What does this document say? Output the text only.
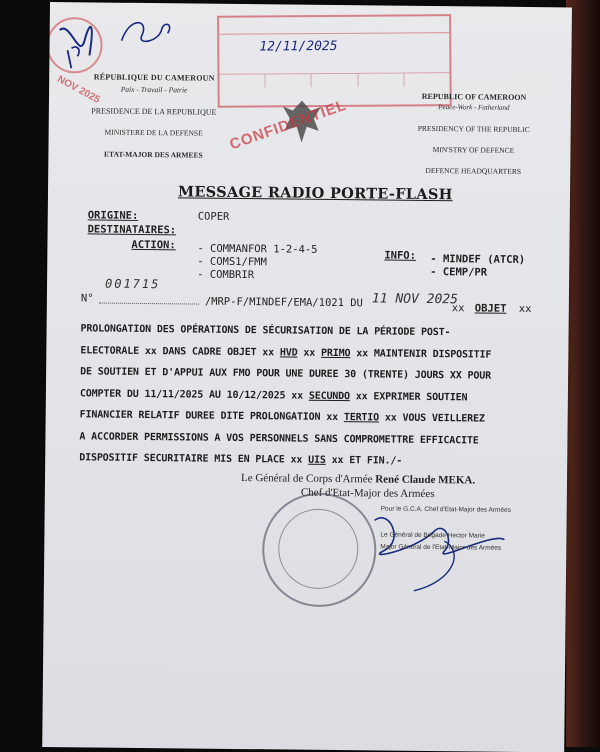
NOV 2025
RÉPUBLIQUE DU CAMEROUN
Paix - Travail - Patrie
PRESIDENCE DE LA REPUBLIQUE
MINISTERE DE LA DEFENSE
ETAT-MAJOR DES ARMEES
12/11/2025
CONFIDENTIEL	REPUBLIC OF CAMEROON
Peace-Work - Fatherland
PRESIDENCY OF THE REPUBLIC
MIN'STRY OF DEFENCE
DEFENCE HEADQUARTERS
MESSAGE RADIO PORTE-FLASH
ORIGINE:	COPER
DESTINATAIRES:
ACTION: - COMMANFOR 1-2-4-5
- COMS1/FMM
- COMBRIR
INFO: - MINDEF (ATCR)
- CEMP/PR
N°
001715
/MRP-F/MINDEF/EMA/1021 DU 11 NOV 2025
xx OBJET xx
PROLONGATION DES OPÉRATIONS DE SÉCURISATION DE LA PÉRIODE POST-
ELECTORALE xx DANS CADRE OBJET xx HVD xx PRIMO xx MAINTENIR DISPOSITIF
DE SOUTIEN ET D'APPUI AUX FMO POUR UNE DUREE 30 (TRENTE) JOURS XX POUR
COMPTER DU 11/11/2025 AU 10/12/2025 xx SECUNDO xx EXPRIMER SOUTIEN
FINANCIER RELATIF DUREE DITE PROLONGATION xx TERTIO xx VOUS VEILLEREZ
A ACCORDER PERMISSIONS A VOS PERSONNELS SANS COMPROMETTRE EFFICACITE
DISPOSITIF SECURITAIRE MIS EN PLACE xx UIS xx ET FIN./-
Le Général de Corps d'Armée René Claude MEKA.
Chef d'Etat-Major des Armées
Pour le G.C.A. Chef d'Etat-Major des Armées
Le Général de Brigade Hector Marie
Major Général de l'Etat-Major des Armées
